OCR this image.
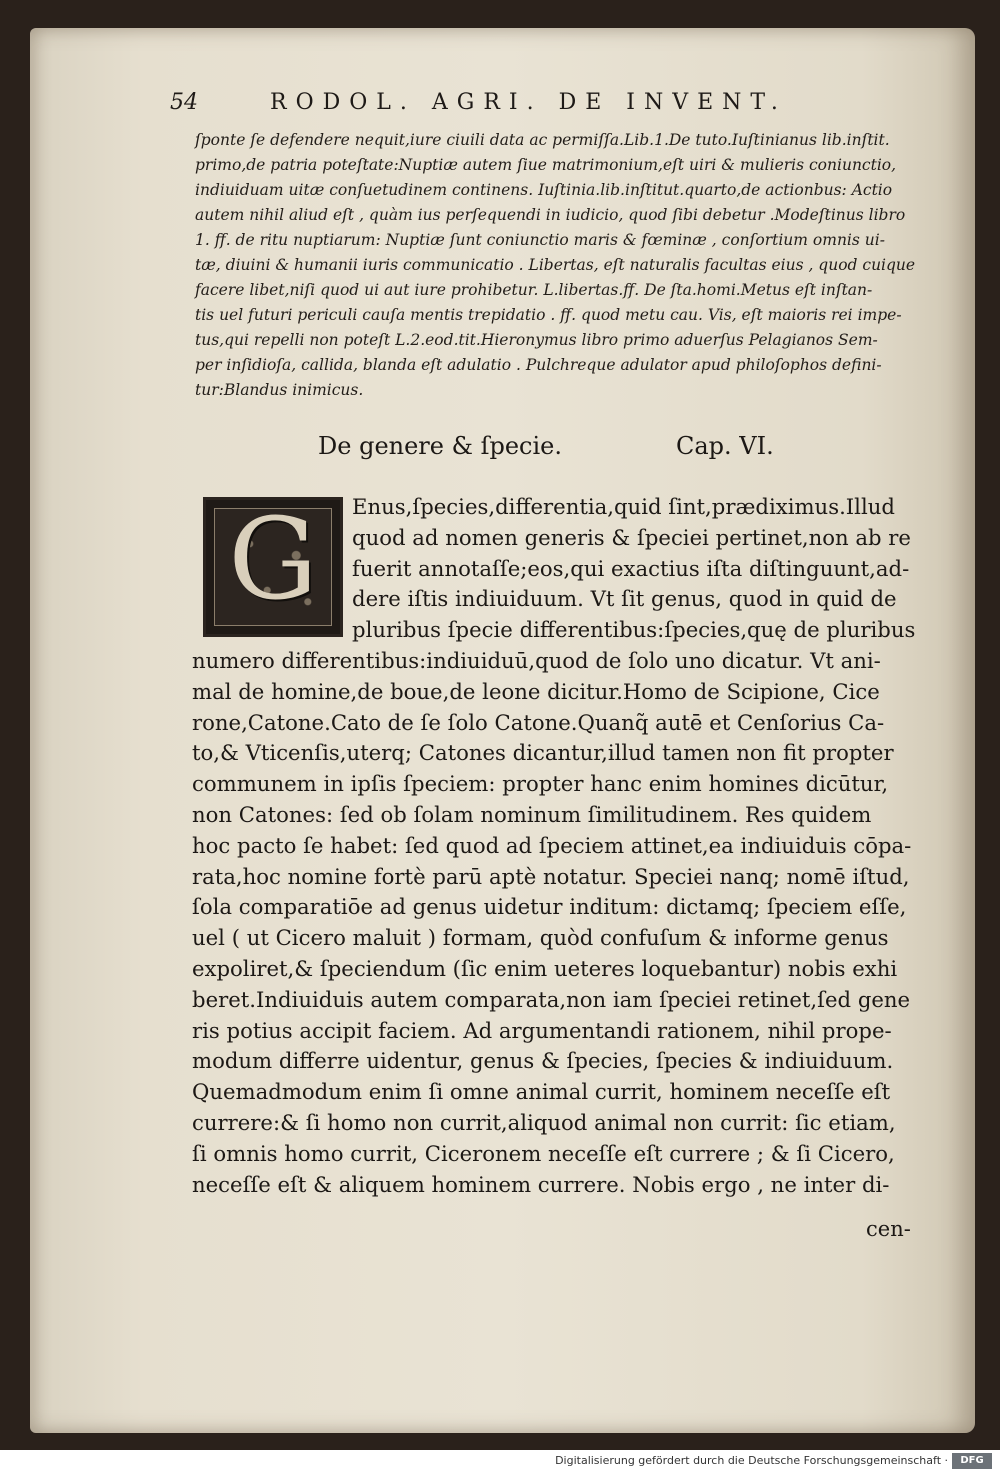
54	RODOL. AGRI. DE INVENT.
ſponte ſe defendere nequit,iure ciuili data ac permiſſa.Lib.1.De tuto.Iuſtinianus lib.inſtit.
primo,de patria poteſtate:Nuptiæ autem ſiue matrimonium,eſt uiri & mulieris coniunctio,
indiuiduam uitæ conſuetudinem continens. Iuſtinia.lib.inſtitut.quarto,de actionbus: Actio
autem nihil aliud eſt , quàm ius perſequendi in iudicio, quod ſibi debetur .Modeſtinus libro
1. ff. de ritu nuptiarum: Nuptiæ ſunt coniunctio maris & fœminæ , conſortium omnis ui-
tæ, diuini & humanii iuris communicatio . Libertas, eſt naturalis facultas eius , quod cuique
facere libet,niſi quod ui aut iure prohibetur. L.libertas.ff. De ſta.homi.Metus eſt inſtan-
tis uel futuri periculi cauſa mentis trepidatio . ff. quod metu cau. Vis, eſt maioris rei impe-
tus,qui repelli non poteſt L.2.eod.tit.Hieronymus libro primo aduerſus Pelagianos Sem-
per inſidioſa, callida, blanda eſt adulatio . Pulchreque adulator apud philoſophos defini-
tur:Blandus inimicus.
De genere & ſpecie.	Cap. VI.
G	Enus,ſpecies,differentia,quid ſint,prædiximus.Illud
quod ad nomen generis & ſpeciei pertinet,non ab re
fuerit annotaſſe;eos,qui exactius iſta diſtinguunt,ad-
dere iſtis indiuiduum. Vt ſit genus, quod in quid de
pluribus ſpecie differentibus:ſpecies,quę de pluribus
numero differentibus:indiuiduū,quod de ſolo uno dicatur. Vt ani-
mal de homine,de boue,de leone dicitur.Homo de Scipione, Cice
rone,Catone.Cato de ſe ſolo Catone.Quanq̃ autē et Cenſorius Ca-
to,& Vticenſis,uterq; Catones dicantur,illud tamen non fit propter
communem in ipſis ſpeciem: propter hanc enim homines dicūtur,
non Catones: ſed ob ſolam nominum ſimilitudinem. Res quidem
hoc pacto ſe habet: ſed quod ad ſpeciem attinet,ea indiuiduis cōpa-
rata,hoc nomine fortè parū aptè notatur. Speciei nanq; nomē iſtud,
ſola comparatiōe ad genus uidetur inditum: dictamq; ſpeciem eſſe,
uel ( ut Cicero maluit ) formam, quòd confuſum & informe genus
expoliret,& ſpeciendum (ſic enim ueteres loquebantur) nobis exhi
beret.Indiuiduis autem comparata,non iam ſpeciei retinet,ſed gene
ris potius accipit faciem. Ad argumentandi rationem, nihil prope-
modum differre uidentur, genus & ſpecies, ſpecies & indiuiduum.
Quemadmodum enim ſi omne animal currit, hominem neceſſe eſt
currere:& ſi homo non currit,aliquod animal non currit: ſic etiam,
ſi omnis homo currit, Ciceronem neceſſe eſt currere ; & ſi Cicero,
neceſſe eſt & aliquem hominem currere. Nobis ergo , ne inter di-
cen-
Digitalisierung gefördert durch die Deutsche Forschungsgemeinschaft ·	DFG
